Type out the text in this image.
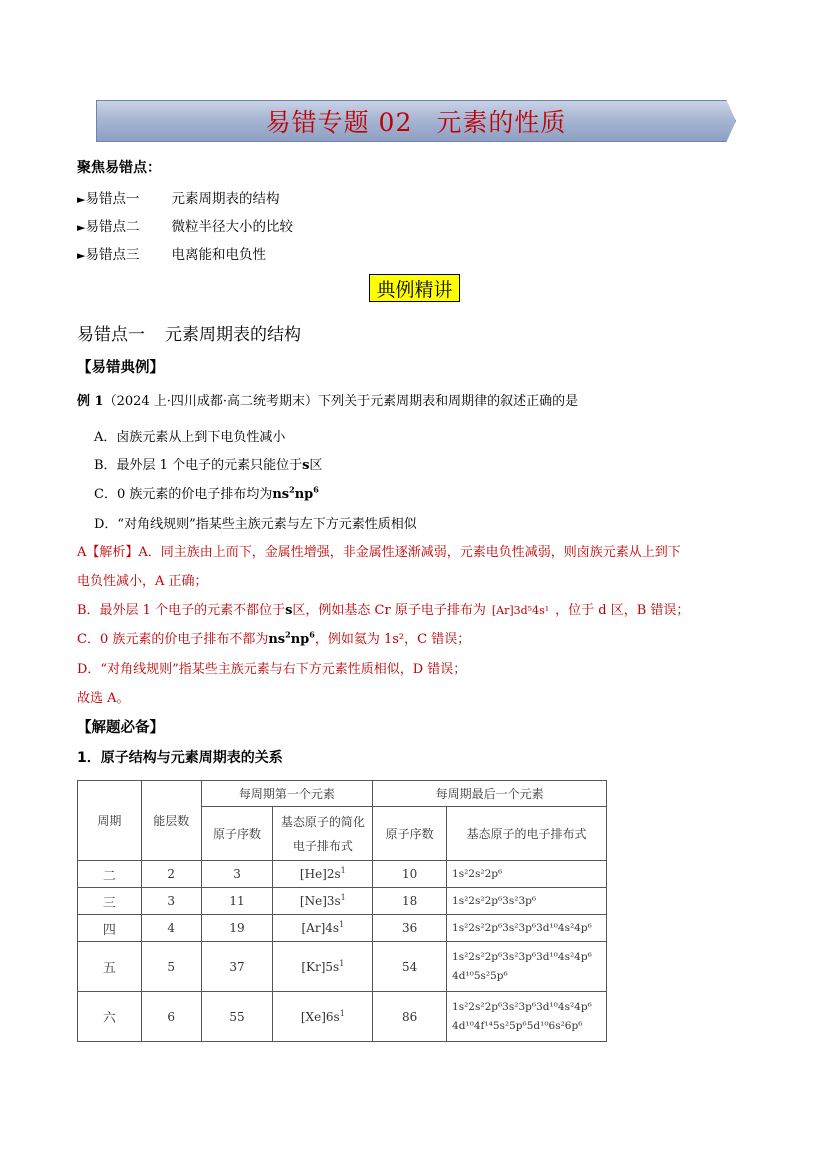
易错专题 02 元素的性质
聚焦易错点：
►易错点一 元素周期表的结构
►易错点二 微粒半径大小的比较
►易错点三 电离能和电负性
典例精讲
易错点一 元素周期表的结构
【易错典例】
例 1（2024 上·四川成都·高二统考期末）下列关于元素周期表和周期律的叙述正确的是
A．卤族元素从上到下电负性减小
B．最外层 1 个电子的元素只能位于s区
C．0 族元素的价电子排布均为$ns^2np^6$
D．“对角线规则”指某些主族元素与左下方元素性质相似
A【解析】A．同主族由上而下，金属性增强，非金属性逐渐减弱，元素电负性减弱，则卤族元素从上到下
电负性减小，A 正确；
B．最外层 1 个电子的元素不都位于s区，例如基态 Cr 原子电子排布为 [Ar]3d⁵4s¹ ，位于 d 区，B 错误；
C．0 族元素的价电子排布不都为$ns^2np^6$，例如氦为 1s²，C 错误；
D．“对角线规则”指某些主族元素与右下方元素性质相似，D 错误；
故选 A。
【解题必备】
1．原子结构与元素周期表的关系
周期	能层数	每周期第一个元素		每周期最后一个元素	
		原子序数	基态原子的简化电子排布式	原子序数	基态原子的电子排布式
二	2	3	$[He]2s^1$	10	1s²2s²2p⁶
三	3	11	$[Ne]3s^1$	18	1s²2s²2p⁶3s²3p⁶
四	4	19	$[Ar]4s^1$	36	1s²2s²2p⁶3s²3p⁶3d¹⁰4s²4p⁶
五	5	37	$[Kr]5s^1$	54	1s²2s²2p⁶3s²3p⁶3d¹⁰4s²4p⁶
4d¹⁰5s²5p⁶

六	6	55	$[Xe]6s^1$	86	1s²2s²2p⁶3s²3p⁶3d¹⁰4s²4p⁶
4d¹⁰4f¹⁴5s²5p⁶5d¹⁰6s²6p⁶
